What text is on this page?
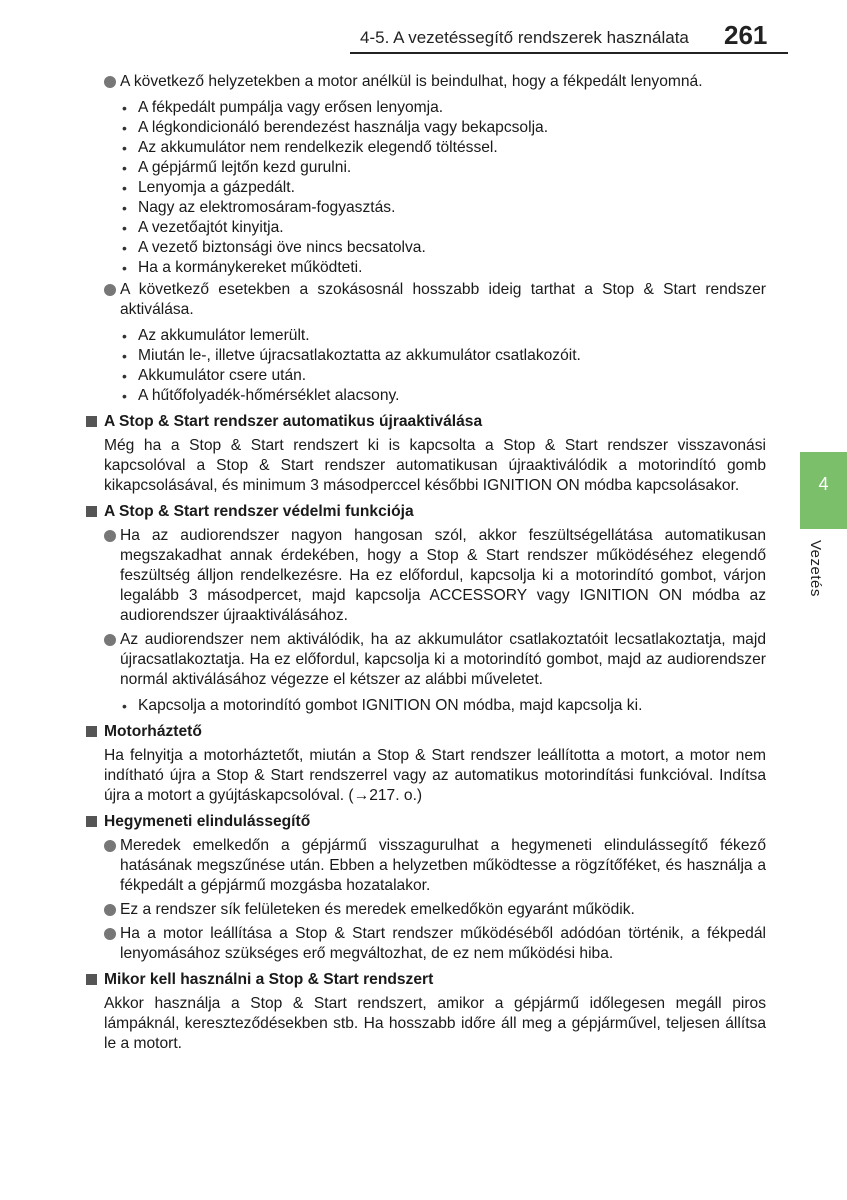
4-5. A vezetéssegítő rendszerek használata 261
4
Vezetés
A következő helyzetekben a motor anélkül is beindulhat, hogy a fékpedált lenyomná.
• A fékpedált pumpálja vagy erősen lenyomja.
• A légkondicionáló berendezést használja vagy bekapcsolja.
• Az akkumulátor nem rendelkezik elegendő töltéssel.
• A gépjármű lejtőn kezd gurulni.
• Lenyomja a gázpedált.
• Nagy az elektromosáram-fogyasztás.
• A vezetőajtót kinyitja.
• A vezető biztonsági öve nincs becsatolva.
• Ha a kormánykereket működteti.
A következő esetekben a szokásosnál hosszabb ideig tarthat a Stop & Start rendszer aktiválása.
• Az akkumulátor lemerült.
• Miután le-, illetve újracsatlakoztatta az akkumulátor csatlakozóit.
• Akkumulátor csere után.
• A hűtőfolyadék-hőmérséklet alacsony.
A Stop & Start rendszer automatikus újraaktiválása
Még ha a Stop & Start rendszert ki is kapcsolta a Stop & Start rendszer visszavonási kapcsolóval a Stop & Start rendszer automatikusan újraaktiválódik a motorindító gomb kikapcsolásával, és minimum 3 másodperccel későbbi IGNITION ON módba kapcsolásakor.
A Stop & Start rendszer védelmi funkciója
Ha az audiorendszer nagyon hangosan szól, akkor feszültségellátása automatikusan megszakadhat annak érdekében, hogy a Stop & Start rendszer működéséhez elegendő feszültség álljon rendelkezésre. Ha ez előfordul, kapcsolja ki a motorindító gombot, várjon legalább 3 másodpercet, majd kapcsolja ACCESSORY vagy IGNITION ON módba az audiorendszer újraaktiválásához.
Az audiorendszer nem aktiválódik, ha az akkumulátor csatlakoztatóit lecsatlakoztatja, majd újracsatlakoztatja. Ha ez előfordul, kapcsolja ki a motorindító gombot, majd az audiorendszer normál aktiválásához végezze el kétszer az alábbi műveletet.
• Kapcsolja a motorindító gombot IGNITION ON módba, majd kapcsolja ki.
Motorháztető
Ha felnyitja a motorháztetőt, miután a Stop & Start rendszer leállította a motort, a motor nem indítható újra a Stop & Start rendszerrel vagy az automatikus motorindítási funkcióval. Indítsa újra a motort a gyújtáskapcsolóval. (→217. o.)
Hegymeneti elindulássegítő
Meredek emelkedőn a gépjármű visszagurulhat a hegymeneti elindulássegítő fékező hatásának megszűnése után. Ebben a helyzetben működtesse a rögzítőféket, és használja a fékpedált a gépjármű mozgásba hozatalakor.
Ez a rendszer sík felületeken és meredek emelkedőkön egyaránt működik.
Ha a motor leállítása a Stop & Start rendszer működéséből adódóan történik, a fékpedál lenyomásához szükséges erő megváltozhat, de ez nem működési hiba.
Mikor kell használni a Stop & Start rendszert
Akkor használja a Stop & Start rendszert, amikor a gépjármű időlegesen megáll piros lámpáknál, kereszteződésekben stb. Ha hosszabb időre áll meg a gépjárművel, teljesen állítsa le a motort.
